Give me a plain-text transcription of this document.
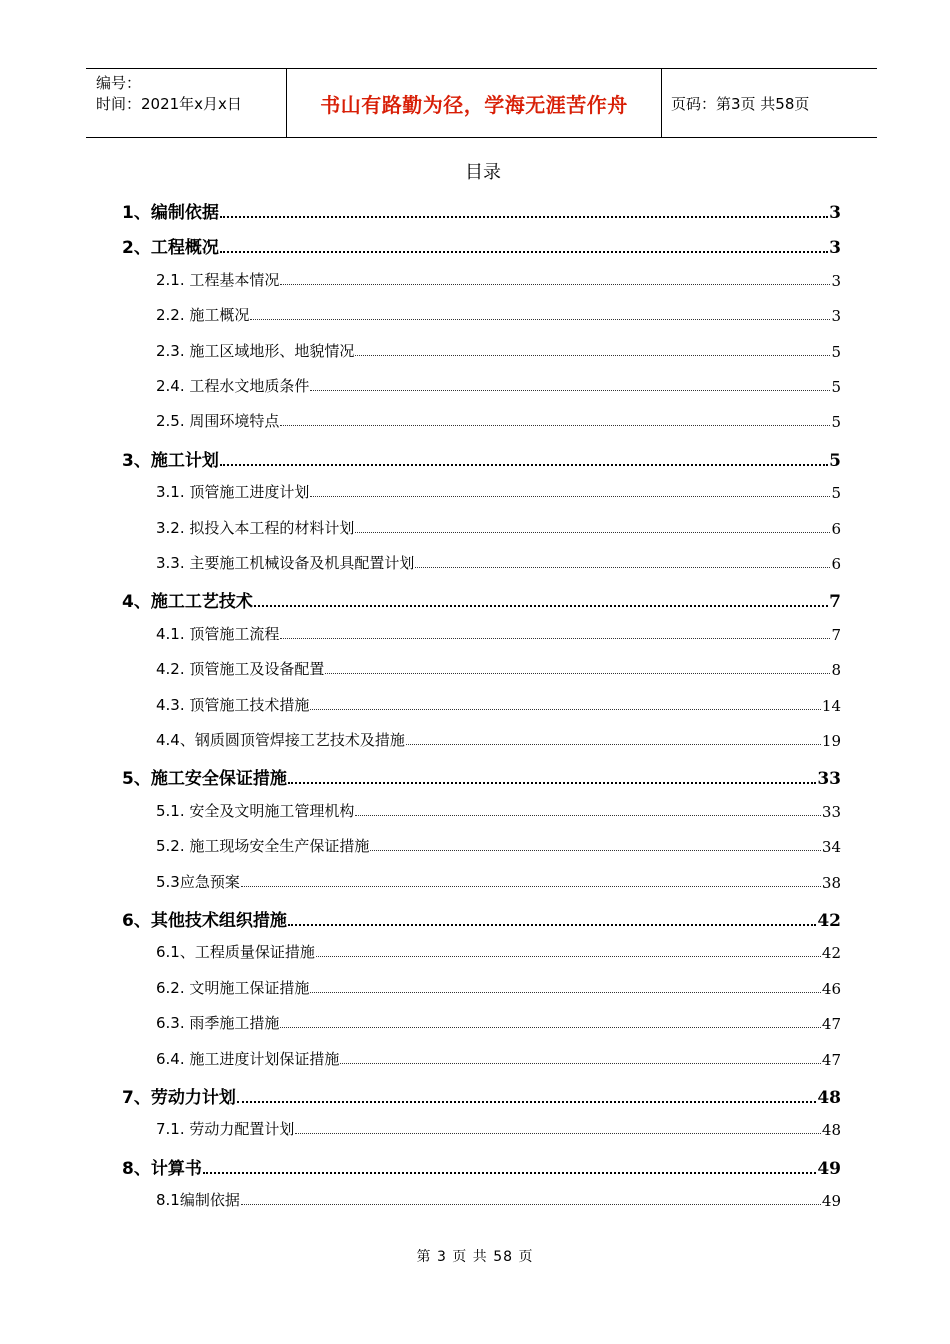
编号：
时间：2021年x月x日	书山有路勤为径，学海无涯苦作舟	页码：第3页 共58页
目录
1、编制依据	3
2、工程概况	3
2.1. 工程基本情况	3
2.2. 施工概况	3
2.3. 施工区域地形、地貌情况	5
2.4. 工程水文地质条件	5
2.5. 周围环境特点	5
3、施工计划	5
3.1. 顶管施工进度计划	5
3.2. 拟投入本工程的材料计划	6
3.3. 主要施工机械设备及机具配置计划	6
4、施工工艺技术	7
4.1. 顶管施工流程	7
4.2. 顶管施工及设备配置	8
4.3. 顶管施工技术措施	14
4.4、钢质圆顶管焊接工艺技术及措施	19
5、施工安全保证措施	33
5.1. 安全及文明施工管理机构	33
5.2. 施工现场安全生产保证措施	34
5.3应急预案	38
6、其他技术组织措施	42
6.1、工程质量保证措施	42
6.2. 文明施工保证措施	46
6.3. 雨季施工措施	47
6.4. 施工进度计划保证措施	47
7、劳动力计划	48
7.1. 劳动力配置计划	48
8、计算书	49
8.1编制依据	49
第 3 页 共 58 页
